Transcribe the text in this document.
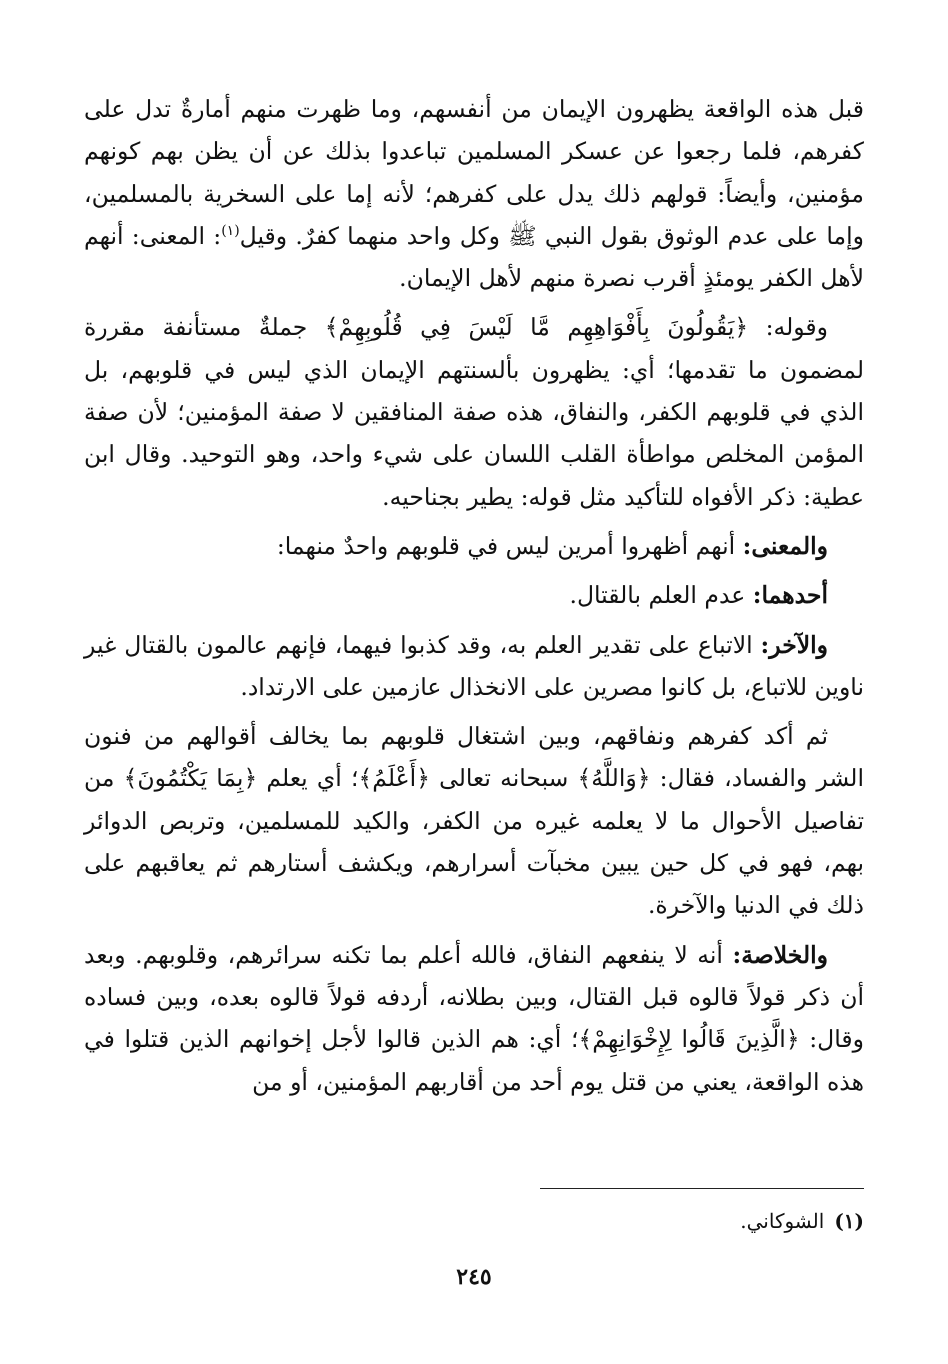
قبل هذه الواقعة يظهرون الإيمان من أنفسهم، وما ظهرت منهم أمارةٌ تدل على كفرهم، فلما رجعوا عن عسكر المسلمين تباعدوا بذلك عن أن يظن بهم كونهم مؤمنين، وأيضاً: قولهم ذلك يدل على كفرهم؛ لأنه إما على السخرية بالمسلمين، وإما على عدم الوثوق بقول النبي ﷺ وكل واحد منهما كفرٌ. وقيل$^{(١)}$: المعنى: أنهم لأهل الكفر يومئذٍ أقرب نصرة منهم لأهل الإيمان.

وقوله: ﴿يَقُولُونَ بِأَفْوَاهِهِم مَّا لَيْسَ فِي قُلُوبِهِمْ﴾ جملةٌ مستأنفة مقررة لمضمون ما تقدمها؛ أي: يظهرون بألسنتهم الإيمان الذي ليس في قلوبهم، بل الذي في قلوبهم الكفر، والنفاق، هذه صفة المنافقين لا صفة المؤمنين؛ لأن صفة المؤمن المخلص مواطأة القلب اللسان على شيء واحد، وهو التوحيد. وقال ابن عطية: ذكر الأفواه للتأكيد مثل قوله: يطير بجناحيه.

والمعنى: أنهم أظهروا أمرين ليس في قلوبهم واحدٌ منهما:

أحدهما: عدم العلم بالقتال.

والآخر: الاتباع على تقدير العلم به، وقد كذبوا فيهما، فإنهم عالمون بالقتال غير ناوين للاتباع، بل كانوا مصرين على الانخذال عازمين على الارتداد.

ثم أكد كفرهم ونفاقهم، وبين اشتغال قلوبهم بما يخالف أقوالهم من فنون الشر والفساد، فقال: ﴿وَاللَّهُ﴾ سبحانه تعالى ﴿أَعْلَمُ﴾؛ أي يعلم ﴿بِمَا يَكْتُمُونَ﴾ من تفاصيل الأحوال ما لا يعلمه غيره من الكفر، والكيد للمسلمين، وتربص الدوائر بهم، فهو في كل حين يبين مخبآت أسرارهم، ويكشف أستارهم ثم يعاقبهم على ذلك في الدنيا والآخرة.

والخلاصة: أنه لا ينفعهم النفاق، فالله أعلم بما تكنه سرائرهم، وقلوبهم. وبعد أن ذكر قولاً قالوه قبل القتال، وبين بطلانه، أردفه قولاً قالوه بعده، وبين فساده وقال: ﴿الَّذِينَ قَالُوا لِإِخْوَانِهِمْ﴾؛ أي: هم الذين قالوا لأجل إخوانهم الذين قتلوا في هذه الواقعة، يعني من قتل يوم أحد من أقاربهم المؤمنين، أو من

(١)الشوكاني.
٢٤٥
